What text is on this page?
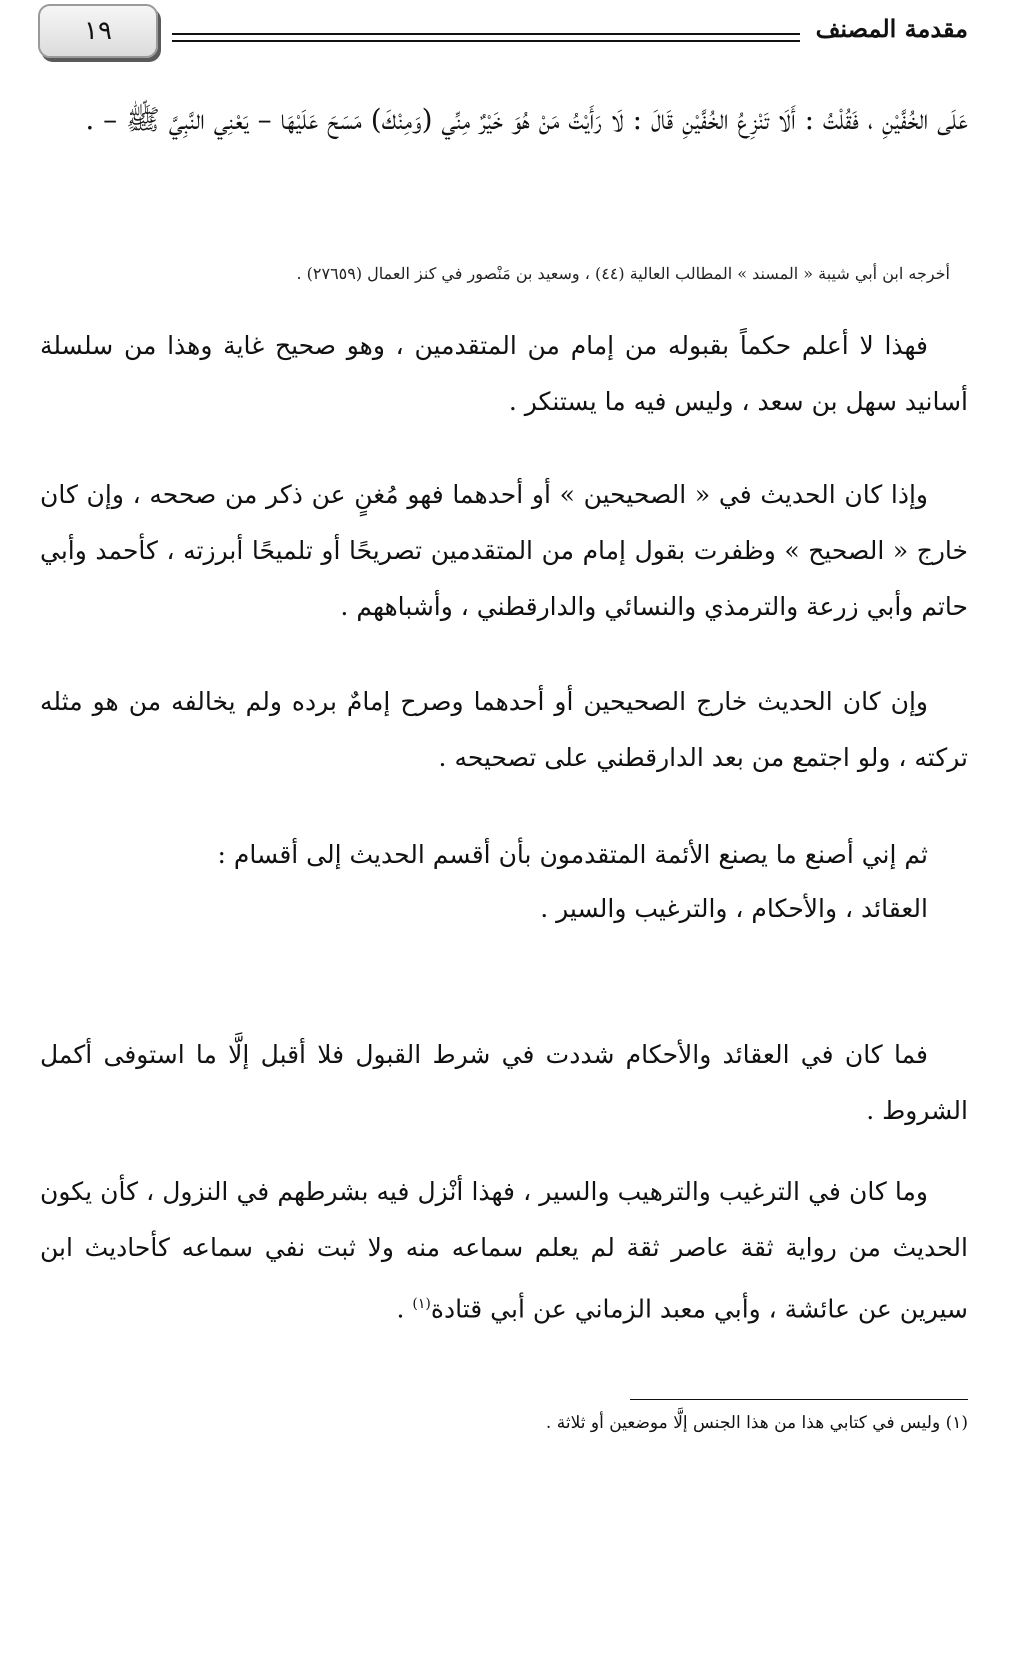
١٩	مقدمة المصنف
عَلَى الخُفَّيْنِ ، فَقُلْتُ : أَلَا تَنْزِعُ الخُفَّيْنِ قَالَ : لَا رَأَيْتُ مَنْ هُوَ خَيْرٌ مِنِّي (وَمِنْكَ) مَسَحَ عَلَيْهَا – يَعْنِي النَّبِيَّ ﷺ – .
أخرجه ابن أبي شيبة « المسند » المطالب العالية (٤٤) ، وسعيد بن مَنْصور في كنز العمال (٢٧٦٥٩) .
فهذا لا أعلم حكماً بقبوله من إمام من المتقدمين ، وهو صحيح غاية وهذا من سلسلة أسانيد سهل بن سعد ، وليس فيه ما يستنكر .
وإذا كان الحديث في « الصحيحين » أو أحدهما فهو مُغنٍ عن ذكر من صححه ، وإن كان خارج « الصحيح » وظفرت بقول إمام من المتقدمين تصريحًا أو تلميحًا أبرزته ، كأحمد وأبي حاتم وأبي زرعة والترمذي والنسائي والدارقطني ، وأشباههم .
وإن كان الحديث خارج الصحيحين أو أحدهما وصرح إمامٌ برده ولم يخالفه من هو مثله تركته ، ولو اجتمع من بعد الدارقطني على تصحيحه .
ثم إني أصنع ما يصنع الأئمة المتقدمون بأن أقسم الحديث إلى أقسام :
العقائد ، والأحكام ، والترغيب والسير .
فما كان في العقائد والأحكام شددت في شرط القبول فلا أقبل إلَّا ما استوفى أكمل الشروط .
وما كان في الترغيب والترهيب والسير ، فهذا أنْزل فيه بشرطهم في النزول ، كأن يكون الحديث من رواية ثقة عاصر ثقة لم يعلم سماعه منه ولا ثبت نفي سماعه كأحاديث ابن سيرين عن عائشة ، وأبي معبد الزماني عن أبي قتادة$^{(١)}$ .
(١) وليس في كتابي هذا من هذا الجنس إلَّا موضعين أو ثلاثة .
